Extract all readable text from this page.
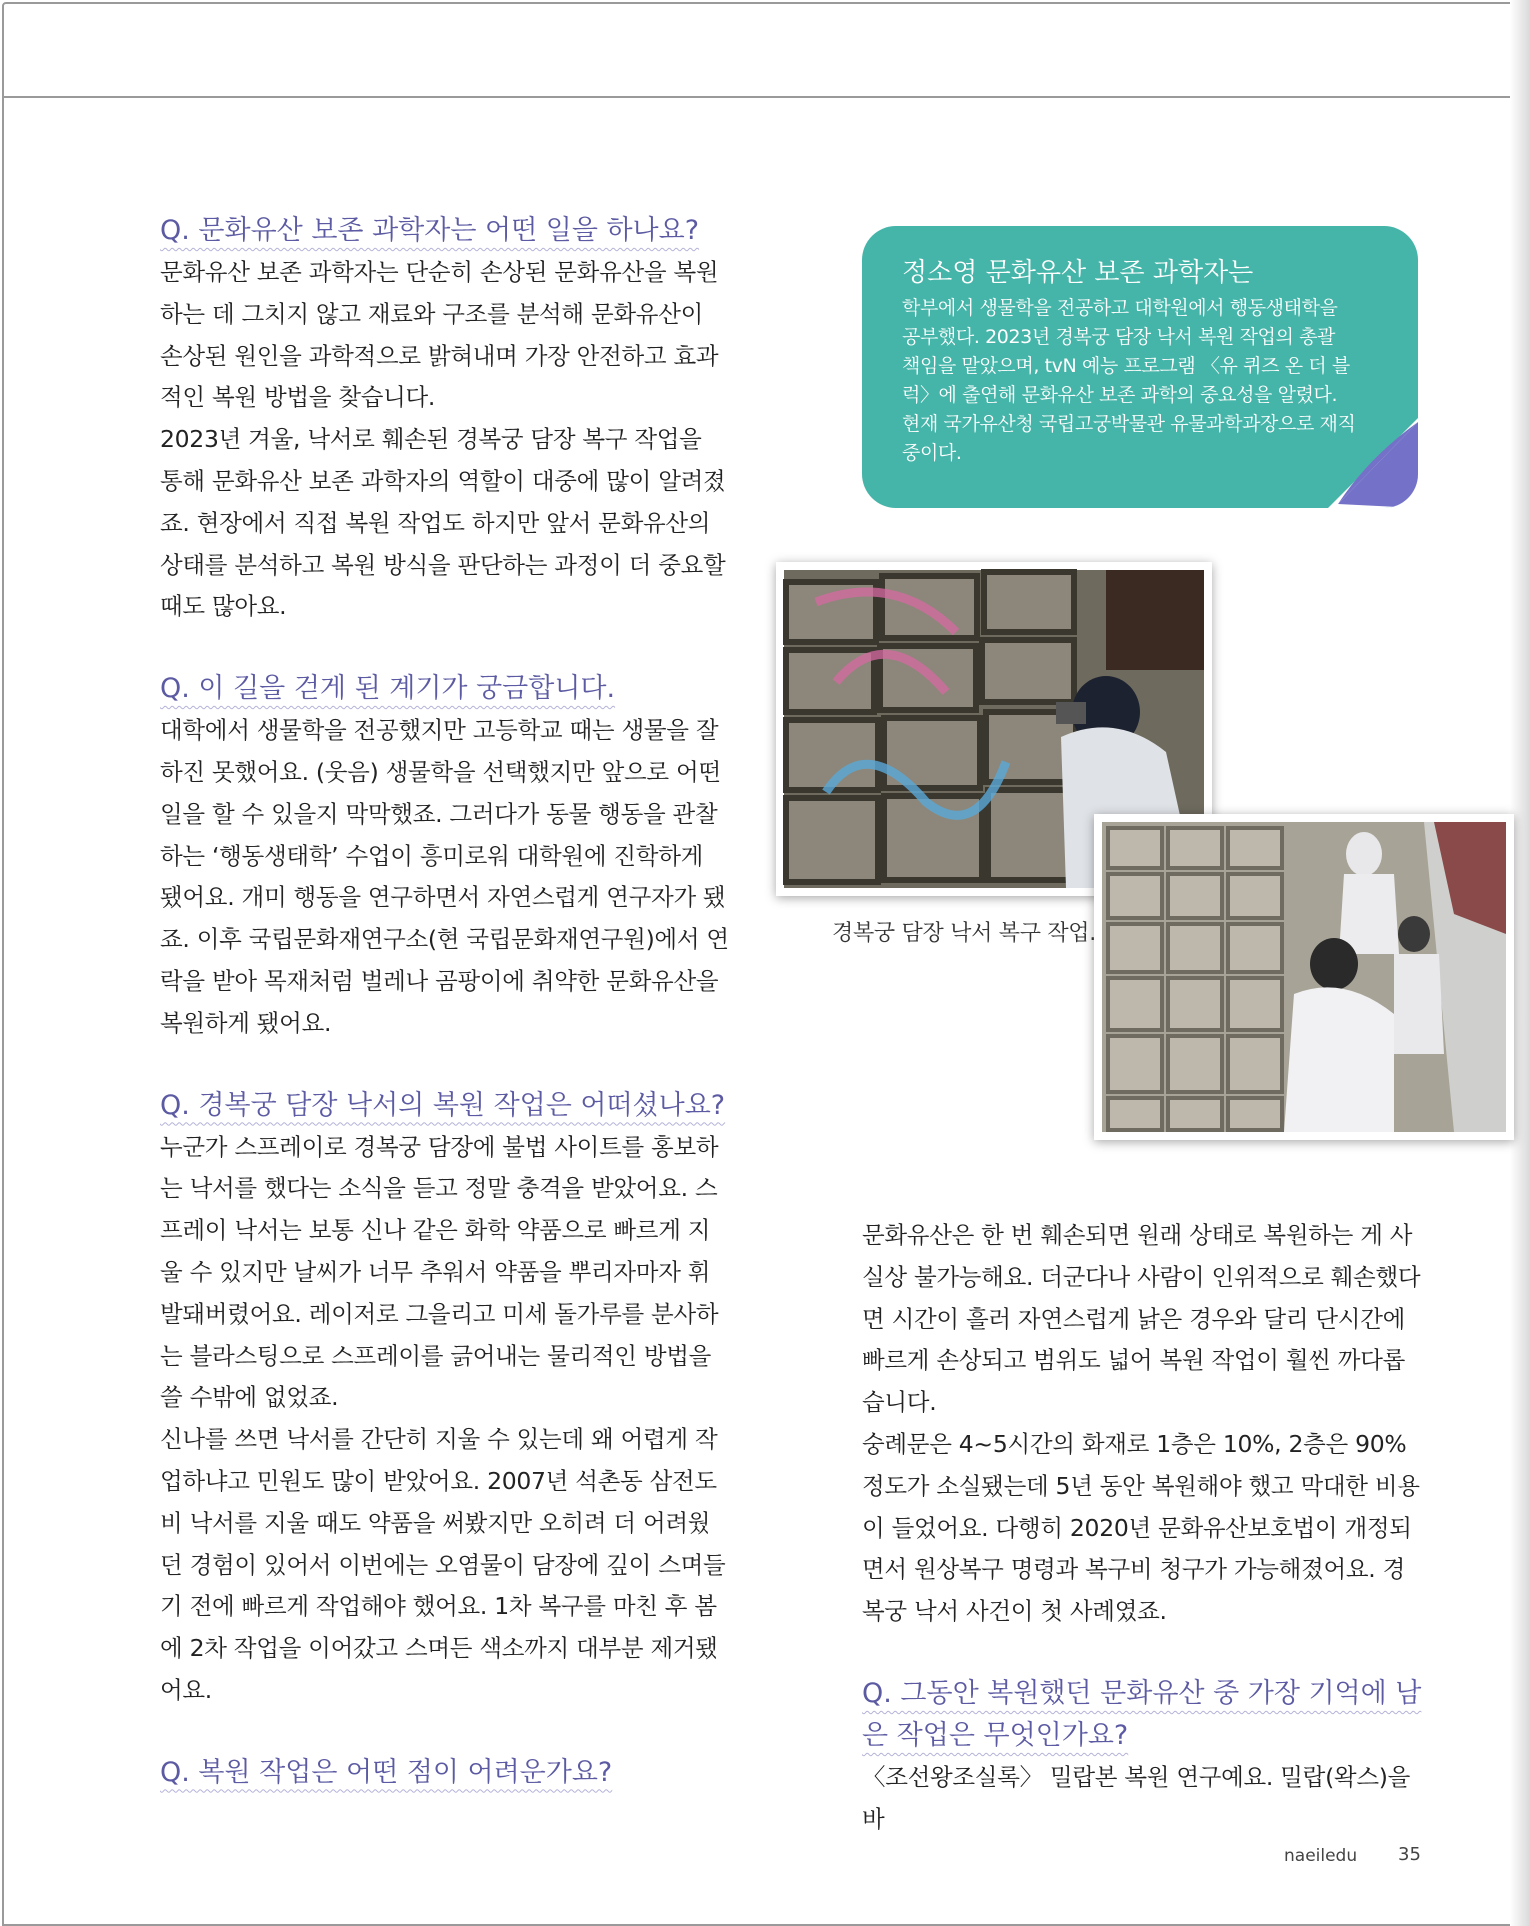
Q. 문화유산 보존 과학자는 어떤 일을 하나요?

문화유산 보존 과학자는 단순히 손상된 문화유산을 복원하는 데 그치지 않고 재료와 구조를 분석해 문화유산이 손상된 원인을 과학적으로 밝혀내며 가장 안전하고 효과적인 복원 방법을 찾습니다.

2023년 겨울, 낙서로 훼손된 경복궁 담장 복구 작업을 통해 문화유산 보존 과학자의 역할이 대중에 많이 알려졌죠. 현장에서 직접 복원 작업도 하지만 앞서 문화유산의 상태를 분석하고 복원 방식을 판단하는 과정이 더 중요할 때도 많아요.

Q. 이 길을 걷게 된 계기가 궁금합니다.

대학에서 생물학을 전공했지만 고등학교 때는 생물을 잘하진 못했어요. (웃음) 생물학을 선택했지만 앞으로 어떤 일을 할 수 있을지 막막했죠. 그러다가 동물 행동을 관찰하는 ‘행동생태학’ 수업이 흥미로워 대학원에 진학하게 됐어요. 개미 행동을 연구하면서 자연스럽게 연구자가 됐죠. 이후 국립문화재연구소(현 국립문화재연구원)에서 연락을 받아 목재처럼 벌레나 곰팡이에 취약한 문화유산을 복원하게 됐어요.

Q. 경복궁 담장 낙서의 복원 작업은 어떠셨나요?

누군가 스프레이로 경복궁 담장에 불법 사이트를 홍보하는 낙서를 했다는 소식을 듣고 정말 충격을 받았어요. 스프레이 낙서는 보통 신나 같은 화학 약품으로 빠르게 지울 수 있지만 날씨가 너무 추워서 약품을 뿌리자마자 휘발돼버렸어요. 레이저로 그을리고 미세 돌가루를 분사하는 블라스팅으로 스프레이를 긁어내는 물리적인 방법을 쓸 수밖에 없었죠.

신나를 쓰면 낙서를 간단히 지울 수 있는데 왜 어렵게 작업하냐고 민원도 많이 받았어요. 2007년 석촌동 삼전도비 낙서를 지울 때도 약품을 써봤지만 오히려 더 어려웠던 경험이 있어서 이번에는 오염물이 담장에 깊이 스며들기 전에 빠르게 작업해야 했어요. 1차 복구를 마친 후 봄에 2차 작업을 이어갔고 스며든 색소까지 대부분 제거됐어요.

Q. 복원 작업은 어떤 점이 어려운가요?

정소영 문화유산 보존 과학자는

학부에서 생물학을 전공하고 대학원에서 행동생태학을 공부했다. 2023년 경복궁 담장 낙서 복원 작업의 총괄 책임을 맡았으며, tvN 예능 프로그램 〈유 퀴즈 온 더 블럭〉에 출연해 문화유산 보존 과학의 중요성을 알렸다. 현재 국가유산청 국립고궁박물관 유물과학과장으로 재직 중이다.

경복궁 담장 낙서 복구 작업.

문화유산은 한 번 훼손되면 원래 상태로 복원하는 게 사실상 불가능해요. 더군다나 사람이 인위적으로 훼손했다면 시간이 흘러 자연스럽게 낡은 경우와 달리 단시간에 빠르게 손상되고 범위도 넓어 복원 작업이 훨씬 까다롭습니다.

숭례문은 4~5시간의 화재로 1층은 10%, 2층은 90% 정도가 소실됐는데 5년 동안 복원해야 했고 막대한 비용이 들었어요. 다행히 2020년 문화유산보호법이 개정되면서 원상복구 명령과 복구비 청구가 가능해졌어요. 경복궁 낙서 사건이 첫 사례였죠.

Q. 그동안 복원했던 문화유산 중 가장 기억에 남은 작업은 무엇인가요?

〈조선왕조실록〉 밀랍본 복원 연구예요. 밀랍(왁스)을 바

naeiledu 35
